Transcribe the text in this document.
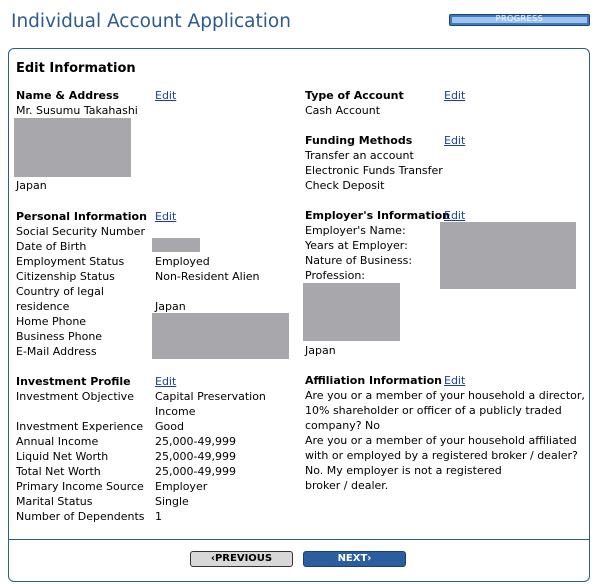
Individual Account Application	PROGRESS
Edit Information
Name & Address	Edit
Mr. Susumu Takahashi
Japan
Type of Account	Edit
Cash Account
Funding Methods	Edit
Transfer an account
Electronic Funds Transfer
Check Deposit
Personal Information Edit
Social Security Number
Date of Birth
Employment Status	Employed
Citizenship Status	Non-Resident Alien
Country of legal
residence	Japan
Home Phone
Business Phone
E-Mail Address
Employer's Information
Edit
Employer's Name:
Years at Employer:
Nature of Business:
Profession:
Japan
Investment Profile Edit
Investment Objective Capital Preservation
Income
Investment Experience Good
Annual Income	25,000-49,999
Liquid Net Worth	25,000-49,999
Total Net Worth	25,000-49,999
Primary Income Source Employer
Marital Status	Single
Number of Dependents 1
Affiliation Information Edit
Are you or a member of your household a director,
10% shareholder or officer of a publicly traded
company? No
Are you or a member of your household affiliated
with or employed by a registered broker / dealer?
No. My employer is not a registered
broker / dealer.
‹PREVIOUS	NEXT›
